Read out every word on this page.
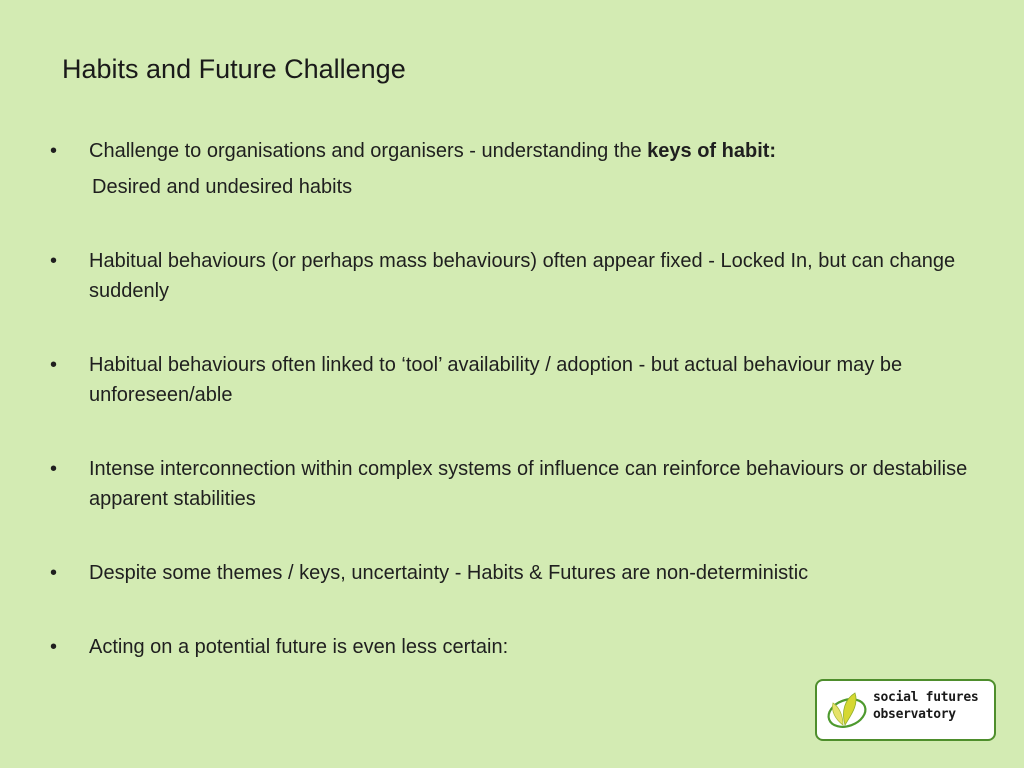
Habits and Future Challenge
•	Challenge to organisations and organisers - understanding the keys of habit:
Desired and undesired habits
•	Habitual behaviours (or perhaps mass behaviours) often appear fixed - Locked In, but can change suddenly
•	Habitual behaviours often linked to ‘tool’ availability / adoption - but actual behaviour may be unforeseen/able
•	Intense interconnection within complex systems of influence can reinforce behaviours or destabilise apparent stabilities
•	Despite some themes / keys, uncertainty - Habits & Futures are non-deterministic
•	Acting on a potential future is even less certain:
social futures
observatory
